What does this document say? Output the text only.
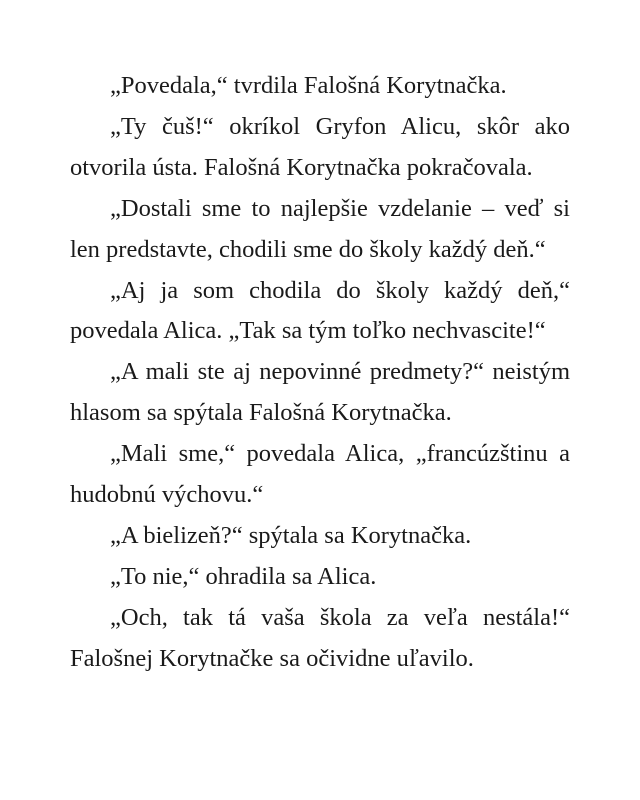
„Povedala,“ tvrdila Falošná Korytnačka.

„Ty čuš!“ okríkol Gryfon Alicu, skôr ako otvorila ústa. Falošná Korytnačka pokračovala.

„Dostali sme to najlepšie vzdelanie – veď si len predstavte, chodili sme do školy každý deň.“

„Aj ja som chodila do školy každý deň,“ povedala Alica. „Tak sa tým toľko nechvascite!“

„A mali ste aj nepovinné predmety?“ neistým hlasom sa spýtala Falošná Korytnačka.

„Mali sme,“ povedala Alica, „francúzštinu a hudobnú výchovu.“

„A bielizeň?“ spýtala sa Korytnačka.

„To nie,“ ohradila sa Alica.

„Och, tak tá vaša škola za veľa nestála!“ Falošnej Korytnačke sa očividne uľavilo.
